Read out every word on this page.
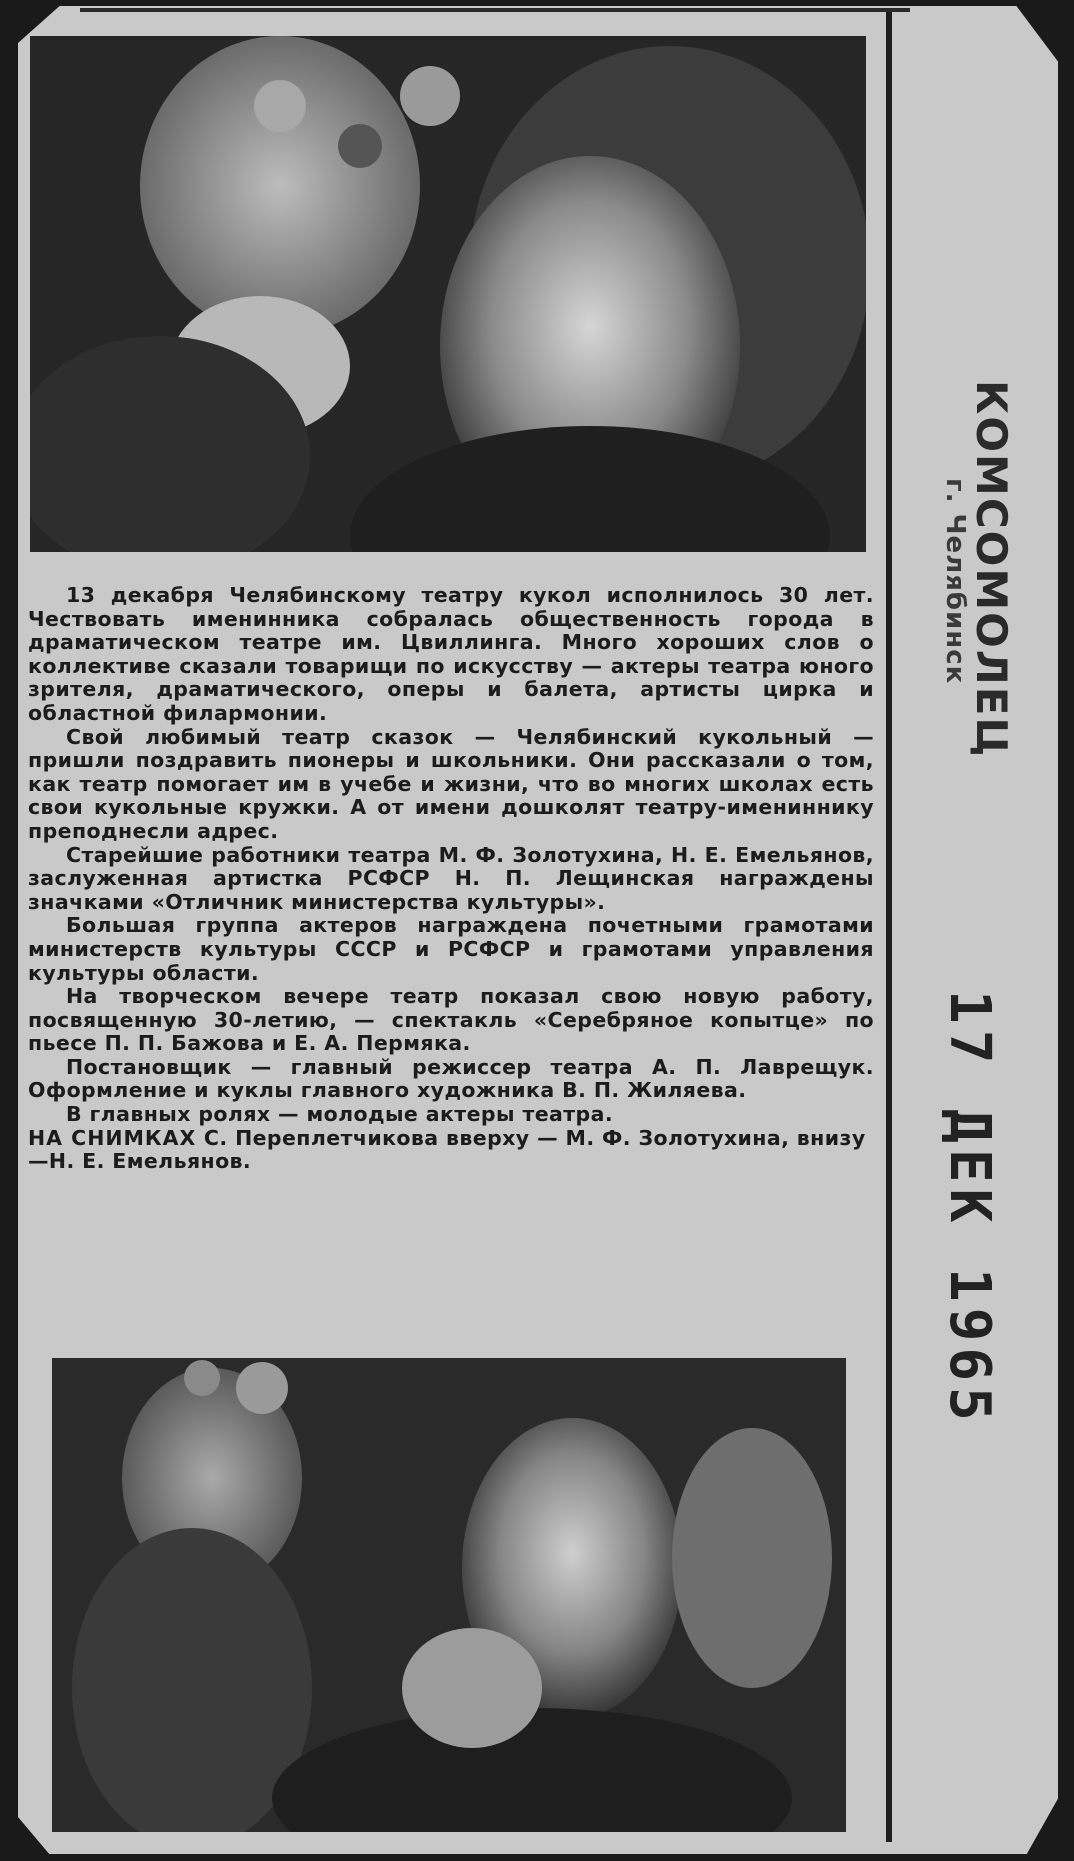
13 декабря Челябинскому театру кукол исполнилось 30 лет. Чествовать именинника собралась общественность города в драматическом театре им. Цвиллинга. Много хороших слов о коллективе сказали товарищи по искусству — актеры театра юного зрителя, драматического, оперы и балета, артисты цирка и областной филармонии.

Свой любимый театр сказок — Челябинский кукольный — пришли поздравить пионеры и школьники. Они рассказали о том, как театр помогает им в учебе и жизни, что во многих школах есть свои кукольные кружки. А от имени дошколят театру-имениннику преподнесли адрес.

Старейшие работники театра М. Ф. Золотухина, Н. Е. Емельянов, заслуженная артистка РСФСР Н. П. Лещинская награждены значками «Отличник министерства культуры».

Большая группа актеров награждена почетными грамотами министерств культуры СССР и РСФСР и грамотами управления культуры области.

На творческом вечере театр показал свою новую работу, посвященную 30-летию, — спектакль «Серебряное копытце» по пьесе П. П. Бажова и Е. А. Пермяка.

Постановщик — главный режиссер театра А. П. Лаврещук. Оформление и куклы главного художника В. П. Жиляева.

В главных ролях — молодые актеры театра.

НА СНИМКАХ С. Переплетчикова вверху — М. Ф. Золотухина, внизу—Н. Е. Емельянов.

КОМСОМОЛЕЦ
г. Челябинск
17 ДЕК 1965
